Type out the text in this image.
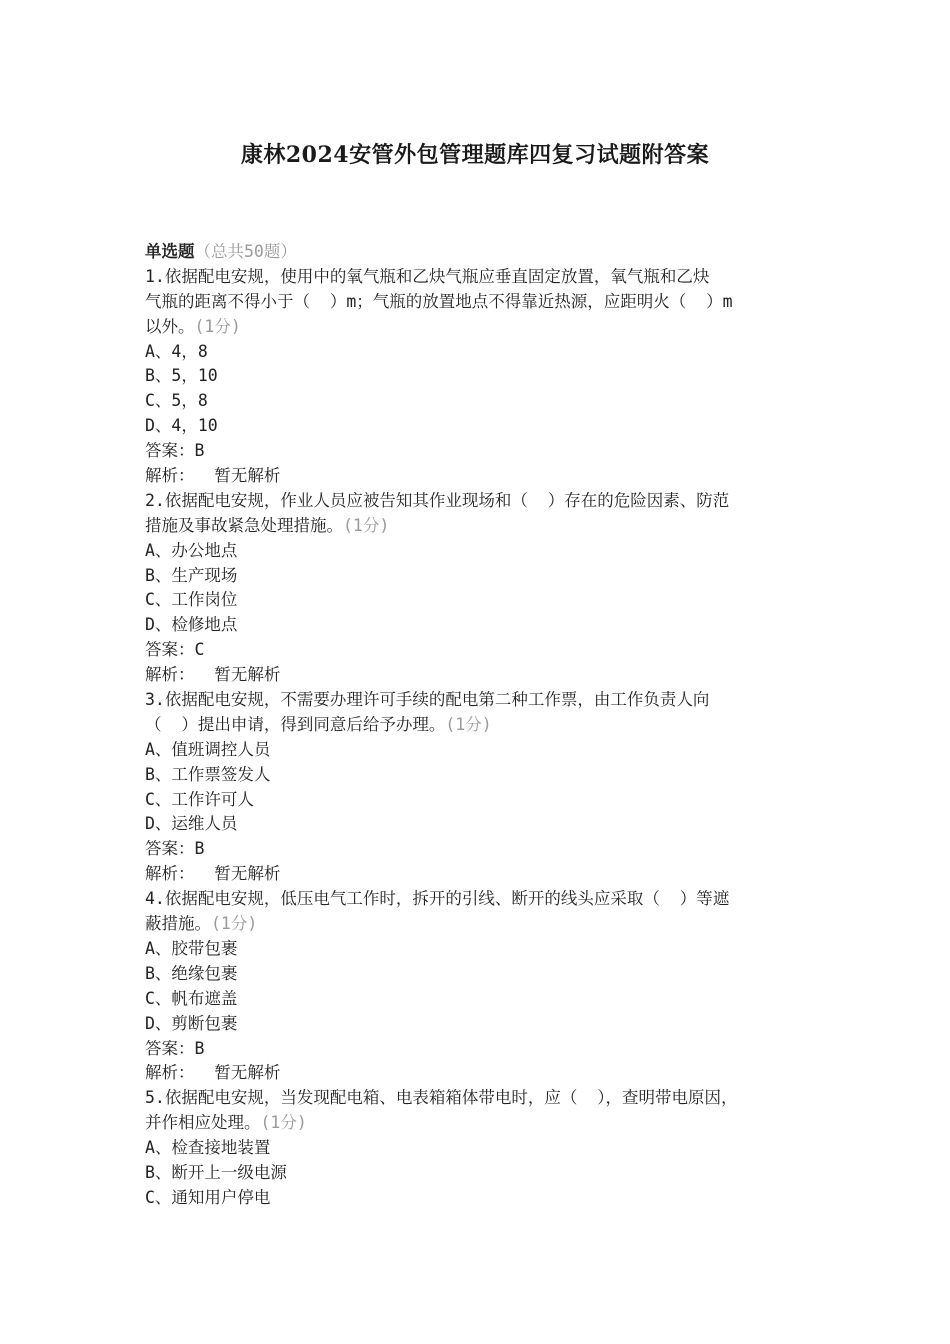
康林2024安管外包管理题库四复习试题附答案
单选题（总共50题）
1.依据配电安规，使用中的氧气瓶和乙炔气瓶应垂直固定放置，氧气瓶和乙炔
气瓶的距离不得小于（  ）m；气瓶的放置地点不得靠近热源，应距明火（  ）m
以外。(1分)
A、4，8
B、5，10
C、5，8
D、4，10
答案：B
解析：  暂无解析
2.依据配电安规，作业人员应被告知其作业现场和（  ）存在的危险因素、防范
措施及事故紧急处理措施。(1分)
A、办公地点
B、生产现场
C、工作岗位
D、检修地点
答案：C
解析：  暂无解析
3.依据配电安规，不需要办理许可手续的配电第二种工作票，由工作负责人向
（  ）提出申请，得到同意后给予办理。(1分)
A、值班调控人员
B、工作票签发人
C、工作许可人
D、运维人员
答案：B
解析：  暂无解析
4.依据配电安规，低压电气工作时，拆开的引线、断开的线头应采取（  ）等遮
蔽措施。(1分)
A、胶带包裹
B、绝缘包裹
C、帆布遮盖
D、剪断包裹
答案：B
解析：  暂无解析
5.依据配电安规，当发现配电箱、电表箱箱体带电时，应（  ），查明带电原因，
并作相应处理。(1分)
A、检查接地装置
B、断开上一级电源
C、通知用户停电
